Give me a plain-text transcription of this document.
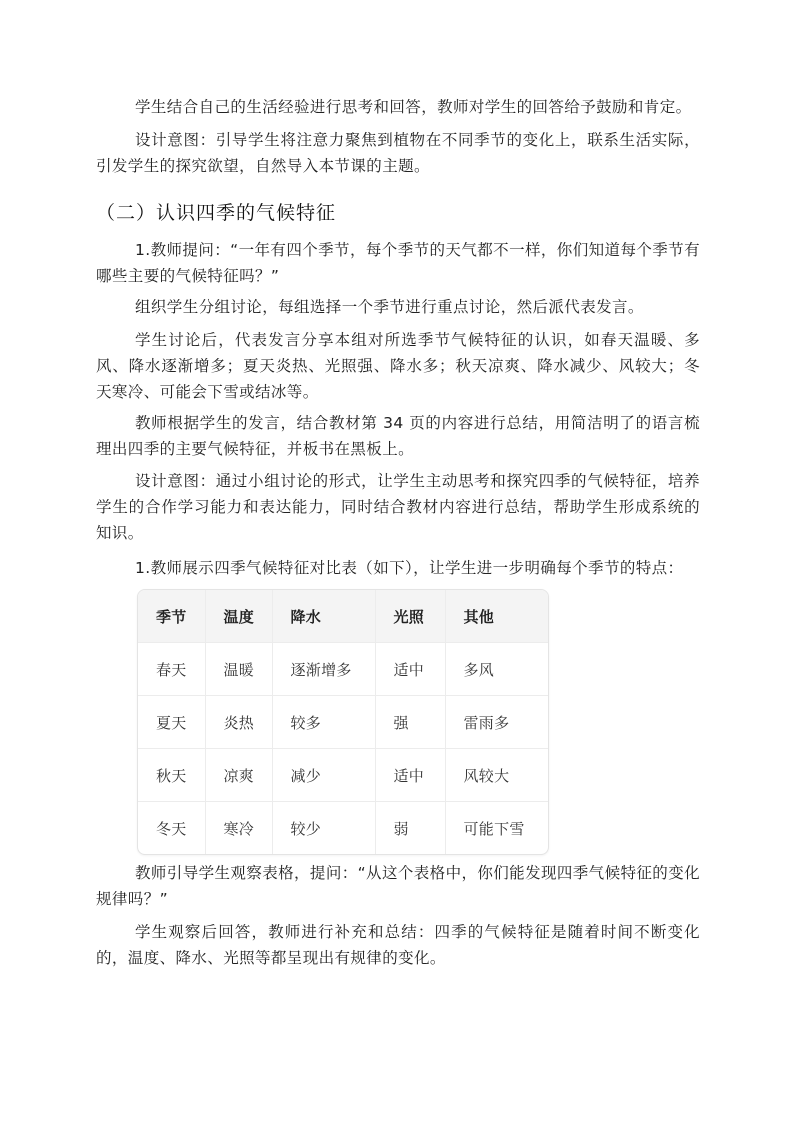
学生结合自己的生活经验进行思考和回答，教师对学生的回答给予鼓励和肯定。

设计意图：引导学生将注意力聚焦到植物在不同季节的变化上，联系生活实际，引发学生的探究欲望，自然导入本节课的主题。

（二）认识四季的气候特征

1.教师提问：“一年有四个季节，每个季节的天气都不一样，你们知道每个季节有哪些主要的气候特征吗？”

组织学生分组讨论，每组选择一个季节进行重点讨论，然后派代表发言。

学生讨论后，代表发言分享本组对所选季节气候特征的认识，如春天温暖、多风、降水逐渐增多；夏天炎热、光照强、降水多；秋天凉爽、降水减少、风较大；冬天寒冷、可能会下雪或结冰等。

教师根据学生的发言，结合教材第 34 页的内容进行总结，用简洁明了的语言梳理出四季的主要气候特征，并板书在黑板上。

设计意图：通过小组讨论的形式，让学生主动思考和探究四季的气候特征，培养学生的合作学习能力和表达能力，同时结合教材内容进行总结，帮助学生形成系统的知识。

1.教师展示四季气候特征对比表（如下），让学生进一步明确每个季节的特点：

教师引导学生观察表格，提问：“从这个表格中，你们能发现四季气候特征的变化规律吗？”

学生观察后回答，教师进行补充和总结：四季的气候特征是随着时间不断变化的，温度、降水、光照等都呈现出有规律的变化。

季节	温度	降水	光照	其他
春天	温暖	逐渐增多	适中	多风
夏天	炎热	较多	强	雷雨多
秋天	凉爽	减少	适中	风较大
冬天	寒冷	较少	弱	可能下雪
